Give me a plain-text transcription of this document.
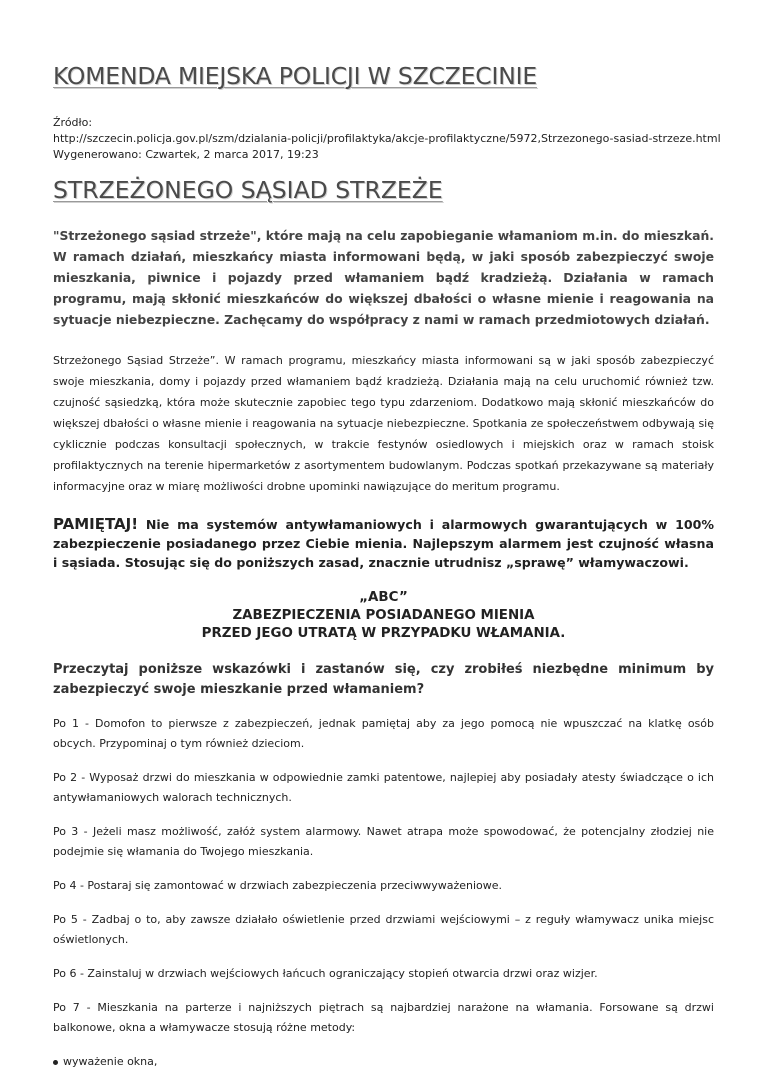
KOMENDA MIEJSKA POLICJI W SZCZECINIE
Źródło:
http://szczecin.policja.gov.pl/szm/dzialania-policji/profilaktyka/akcje-profilaktyczne/5972,Strzezonego-sasiad-strzeze.html
Wygenerowano: Czwartek, 2 marca 2017, 19:23
STRZEŻONEGO SĄSIAD STRZEŻE

"Strzeżonego sąsiad strzeże", które mają na celu zapobieganie włamaniom m.in. do mieszkań. W ramach działań, mieszkańcy miasta informowani będą, w jaki sposób zabezpieczyć swoje mieszkania, piwnice i pojazdy przed włamaniem bądź kradzieżą. Działania w ramach programu, mają skłonić mieszkańców do większej dbałości o własne mienie i reagowania na sytuacje niebezpieczne. Zachęcamy do współpracy z nami w ramach przedmiotowych działań.

Strzeżonego Sąsiad Strzeże”. W ramach programu, mieszkańcy miasta informowani są w jaki sposób zabezpieczyć swoje mieszkania, domy i pojazdy przed włamaniem bądź kradzieżą. Działania mają na celu uruchomić również tzw. czujność sąsiedzką, która może skutecznie zapobiec tego typu zdarzeniom. Dodatkowo mają skłonić mieszkańców do większej dbałości o własne mienie i reagowania na sytuacje niebezpieczne. Spotkania ze społeczeństwem odbywają się cyklicznie podczas konsultacji społecznych, w trakcie festynów osiedlowych i miejskich oraz w ramach stoisk profilaktycznych na terenie hipermarketów z asortymentem budowlanym. Podczas spotkań przekazywane są materiały informacyjne oraz w miarę możliwości drobne upominki nawiązujące do meritum programu.

PAMIĘTAJ! Nie ma systemów antywłamaniowych i alarmowych gwarantujących w 100% zabezpieczenie posiadanego przez Ciebie mienia. Najlepszym alarmem jest czujność własna i sąsiada. Stosując się do poniższych zasad, znacznie utrudnisz „sprawę” włamywaczowi.

„ABC”
ZABEZPIECZENIA POSIADANEGO MIENIA
PRZED JEGO UTRATĄ W PRZYPADKU WŁAMANIA.

Przeczytaj poniższe wskazówki i zastanów się, czy zrobiłeś niezbędne minimum by
zabezpieczyć swoje mieszkanie przed włamaniem?

Po 1 - Domofon to pierwsze z zabezpieczeń, jednak pamiętaj aby za jego pomocą nie wpuszczać na klatkę osób obcych. Przypominaj o tym również dzieciom.

Po 2 - Wyposaż drzwi do mieszkania w odpowiednie zamki patentowe, najlepiej aby posiadały atesty świadczące o ich antywłamaniowych walorach technicznych.

Po 3 - Jeżeli masz możliwość, załóż system alarmowy. Nawet atrapa może spowodować, że potencjalny złodziej nie podejmie się włamania do Twojego mieszkania.

Po 4 - Postaraj się zamontować w drzwiach zabezpieczenia przeciwwyważeniowe.

Po 5 - Zadbaj o to, aby zawsze działało oświetlenie przed drzwiami wejściowymi – z reguły włamywacz unika miejsc oświetlonych.

Po 6 - Zainstaluj w drzwiach wejściowych łańcuch ograniczający stopień otwarcia drzwi oraz wizjer.

Po 7 - Mieszkania na parterze i najniższych piętrach są najbardziej narażone na włamania. Forsowane są drzwi balkonowe, okna a włamywacze stosują różne metody:

wyważenie okna,
